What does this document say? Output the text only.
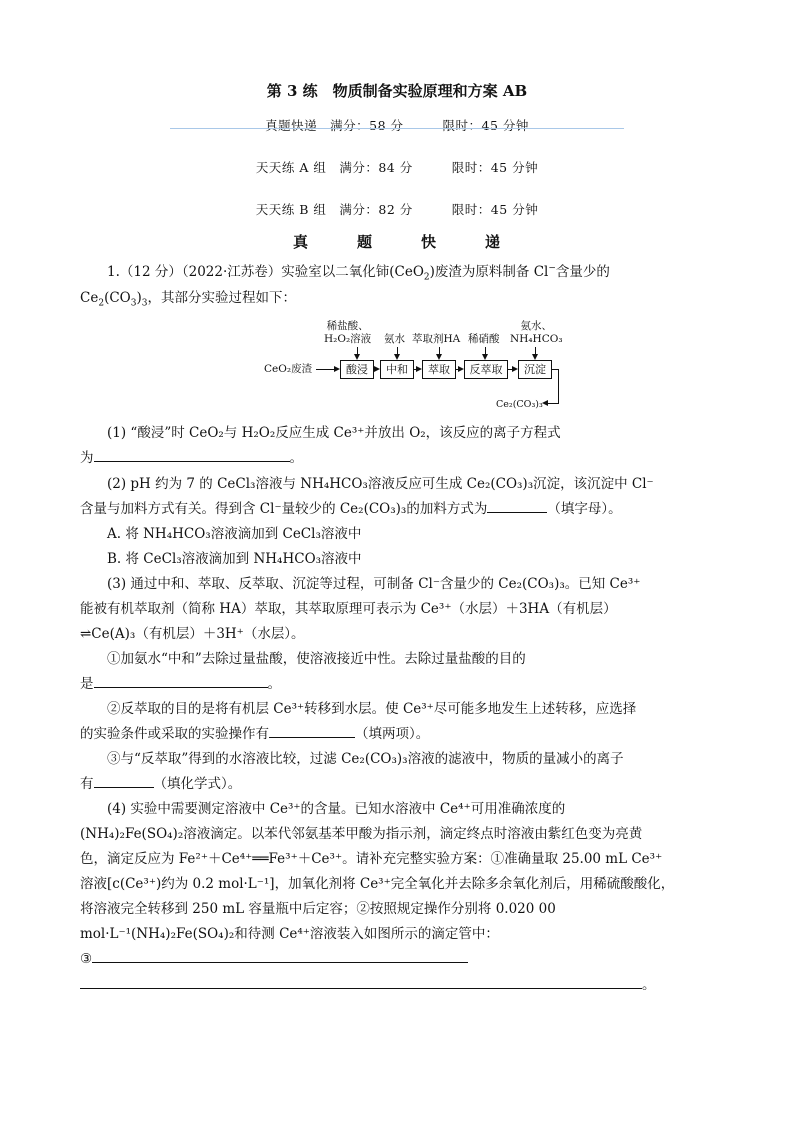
第 3 练　物质制备实验原理和方案 AB
真题快递　满分：58 分　　　限时：45 分钟
天天练 A 组　满分：84 分　　　限时：45 分钟
天天练 B 组　满分：82 分　　　限时：45 分钟
真	题	快	递
1.（12 分）（2022·江苏卷）实验室以二氧化铈(CeO$_2$)废渣为原料制备 Cl−含量少的
$Ce_2(CO_3)_3$，其部分实验过程如下：
CeO₂废渣	酸浸	中和	萃取	反萃取	沉淀
Ce₂(CO₃)₃
稀盐酸、
H₂O₂溶液 氨水 萃取剂HA 稀硝酸
氨水、
NH₄HCO₃
(1) “酸浸”时 CeO₂与 H₂O₂反应生成 Ce³⁺并放出 O₂，该反应的离子方程式
为	。
(2) pH 约为 7 的 CeCl₃溶液与 NH₄HCO₃溶液反应可生成 Ce₂(CO₃)₃沉淀，该沉淀中 Cl⁻
含量与加料方式有关。得到含 Cl⁻量较少的 Ce₂(CO₃)₃的加料方式为	（填字母）。
A. 将 NH₄HCO₃溶液滴加到 CeCl₃溶液中
B. 将 CeCl₃溶液滴加到 NH₄HCO₃溶液中
(3) 通过中和、萃取、反萃取、沉淀等过程，可制备 Cl⁻含量少的 Ce₂(CO₃)₃。已知 Ce³⁺
能被有机萃取剂（简称 HA）萃取，其萃取原理可表示为 Ce³⁺（水层）＋3HA（有机层）
⇌Ce(A)₃（有机层）＋3H⁺（水层）。
①加氨水“中和”去除过量盐酸，使溶液接近中性。去除过量盐酸的目的
是	。
②反萃取的目的是将有机层 Ce³⁺转移到水层。使 Ce³⁺尽可能多地发生上述转移，应选择
的实验条件或采取的实验操作有	（填两项）。
③与“反萃取”得到的水溶液比较，过滤 Ce₂(CO₃)₃溶液的滤液中，物质的量减小的离子
有	（填化学式）。
(4) 实验中需要测定溶液中 Ce³⁺的含量。已知水溶液中 Ce⁴⁺可用准确浓度的
(NH₄)₂Fe(SO₄)₂溶液滴定。以苯代邻氨基苯甲酸为指示剂，滴定终点时溶液由紫红色变为亮黄
色，滴定反应为 Fe²⁺＋Ce⁴⁺══Fe³⁺＋Ce³⁺。请补充完整实验方案：①准确量取 25.00 mL Ce³⁺
溶液[c(Ce³⁺)约为 0.2 mol·L⁻¹]，加氧化剂将 Ce³⁺完全氧化并去除多余氧化剂后，用稀硫酸酸化，
将溶液完全转移到 250 mL 容量瓶中后定容；②按照规定操作分别将 0.020 00
mol·L⁻¹(NH₄)₂Fe(SO₄)₂和待测 Ce⁴⁺溶液装入如图所示的滴定管中：
③
。
